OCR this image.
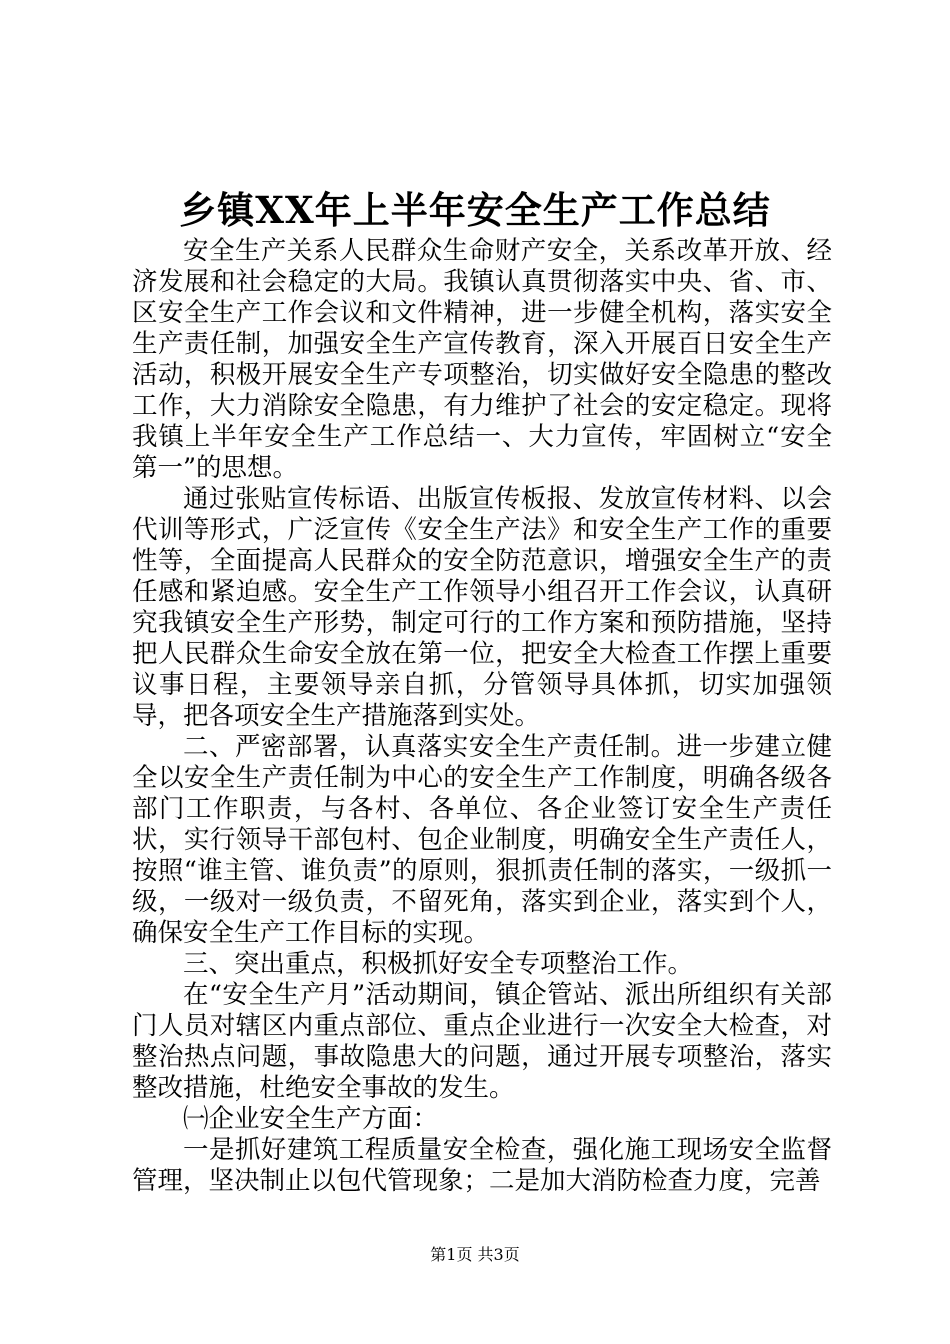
乡镇XX年上半年安全生产工作总结

安全生产关系人民群众生命财产安全，关系改革开放、经济发展和社会稳定的大局。我镇认真贯彻落实中央、省、市、区安全生产工作会议和文件精神，进一步健全机构，落实安全生产责任制，加强安全生产宣传教育，深入开展百日安全生产活动，积极开展安全生产专项整治，切实做好安全隐患的整改工作，大力消除安全隐患，有力维护了社会的安定稳定。现将我镇上半年安全生产工作总结一、大力宣传，牢固树立“安全第一”的思想。

通过张贴宣传标语、出版宣传板报、发放宣传材料、以会代训等形式，广泛宣传《安全生产法》和安全生产工作的重要性等，全面提高人民群众的安全防范意识，增强安全生产的责任感和紧迫感。安全生产工作领导小组召开工作会议，认真研究我镇安全生产形势，制定可行的工作方案和预防措施，坚持把人民群众生命安全放在第一位，把安全大检查工作摆上重要议事日程，主要领导亲自抓，分管领导具体抓，切实加强领导，把各项安全生产措施落到实处。

二、严密部署，认真落实安全生产责任制。进一步建立健全以安全生产责任制为中心的安全生产工作制度，明确各级各部门工作职责，与各村、各单位、各企业签订安全生产责任状，实行领导干部包村、包企业制度，明确安全生产责任人，按照“谁主管、谁负责”的原则，狠抓责任制的落实，一级抓一级，一级对一级负责，不留死角，落实到企业，落实到个人，确保安全生产工作目标的实现。

三、突出重点，积极抓好安全专项整治工作。

在“安全生产月”活动期间，镇企管站、派出所组织有关部门人员对辖区内重点部位、重点企业进行一次安全大检查，对整治热点问题，事故隐患大的问题，通过开展专项整治，落实整改措施，杜绝安全事故的发生。

㈠企业安全生产方面：

一是抓好建筑工程质量安全检查，强化施工现场安全监督管理，坚决制止以包代管现象；二是加大消防检查力度，完善

第1页 共3页
